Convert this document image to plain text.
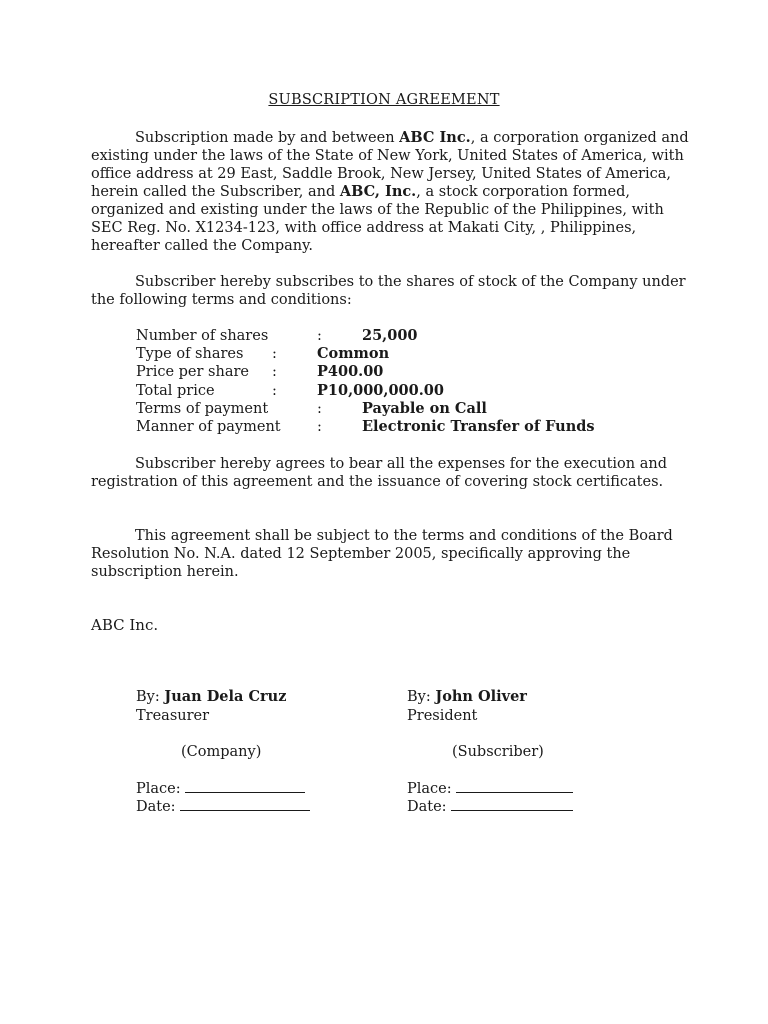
SUBSCRIPTION AGREEMENT

Subscription made by and between ABC Inc., a corporation organized and existing under the laws of the State of New York, United States of America, with office address at 29 East, Saddle Brook, New Jersey, United States of America, herein called the Subscriber, and ABC, Inc., a stock corporation formed, organized and existing under the laws of the Republic of the Philippines, with SEC Reg. No. X1234-123, with office address at Makati City, , Philippines, hereafter called the Company.

Subscriber hereby subscribes to the shares of stock of the Company under the following terms and conditions:

Number of shares	:	25,000
Type of shares :	Common
Price per share :	P400.00
Total price	:	P10,000,000.00
Terms of payment	:	Payable on Call
Manner of payment	:	Electronic Transfer of Funds

Subscriber hereby agrees to bear all the expenses for the execution and registration of this agreement and the issuance of covering stock certificates.

This agreement shall be subject to the terms and conditions of the Board Resolution No. N.A. dated 12 September 2005, specifically approving the subscription herein.

ABC Inc.
By: Juan Dela Cruz
Treasurer
(Company)
Place:
Date:
By: John Oliver
President
(Subscriber)
Place:
Date:
